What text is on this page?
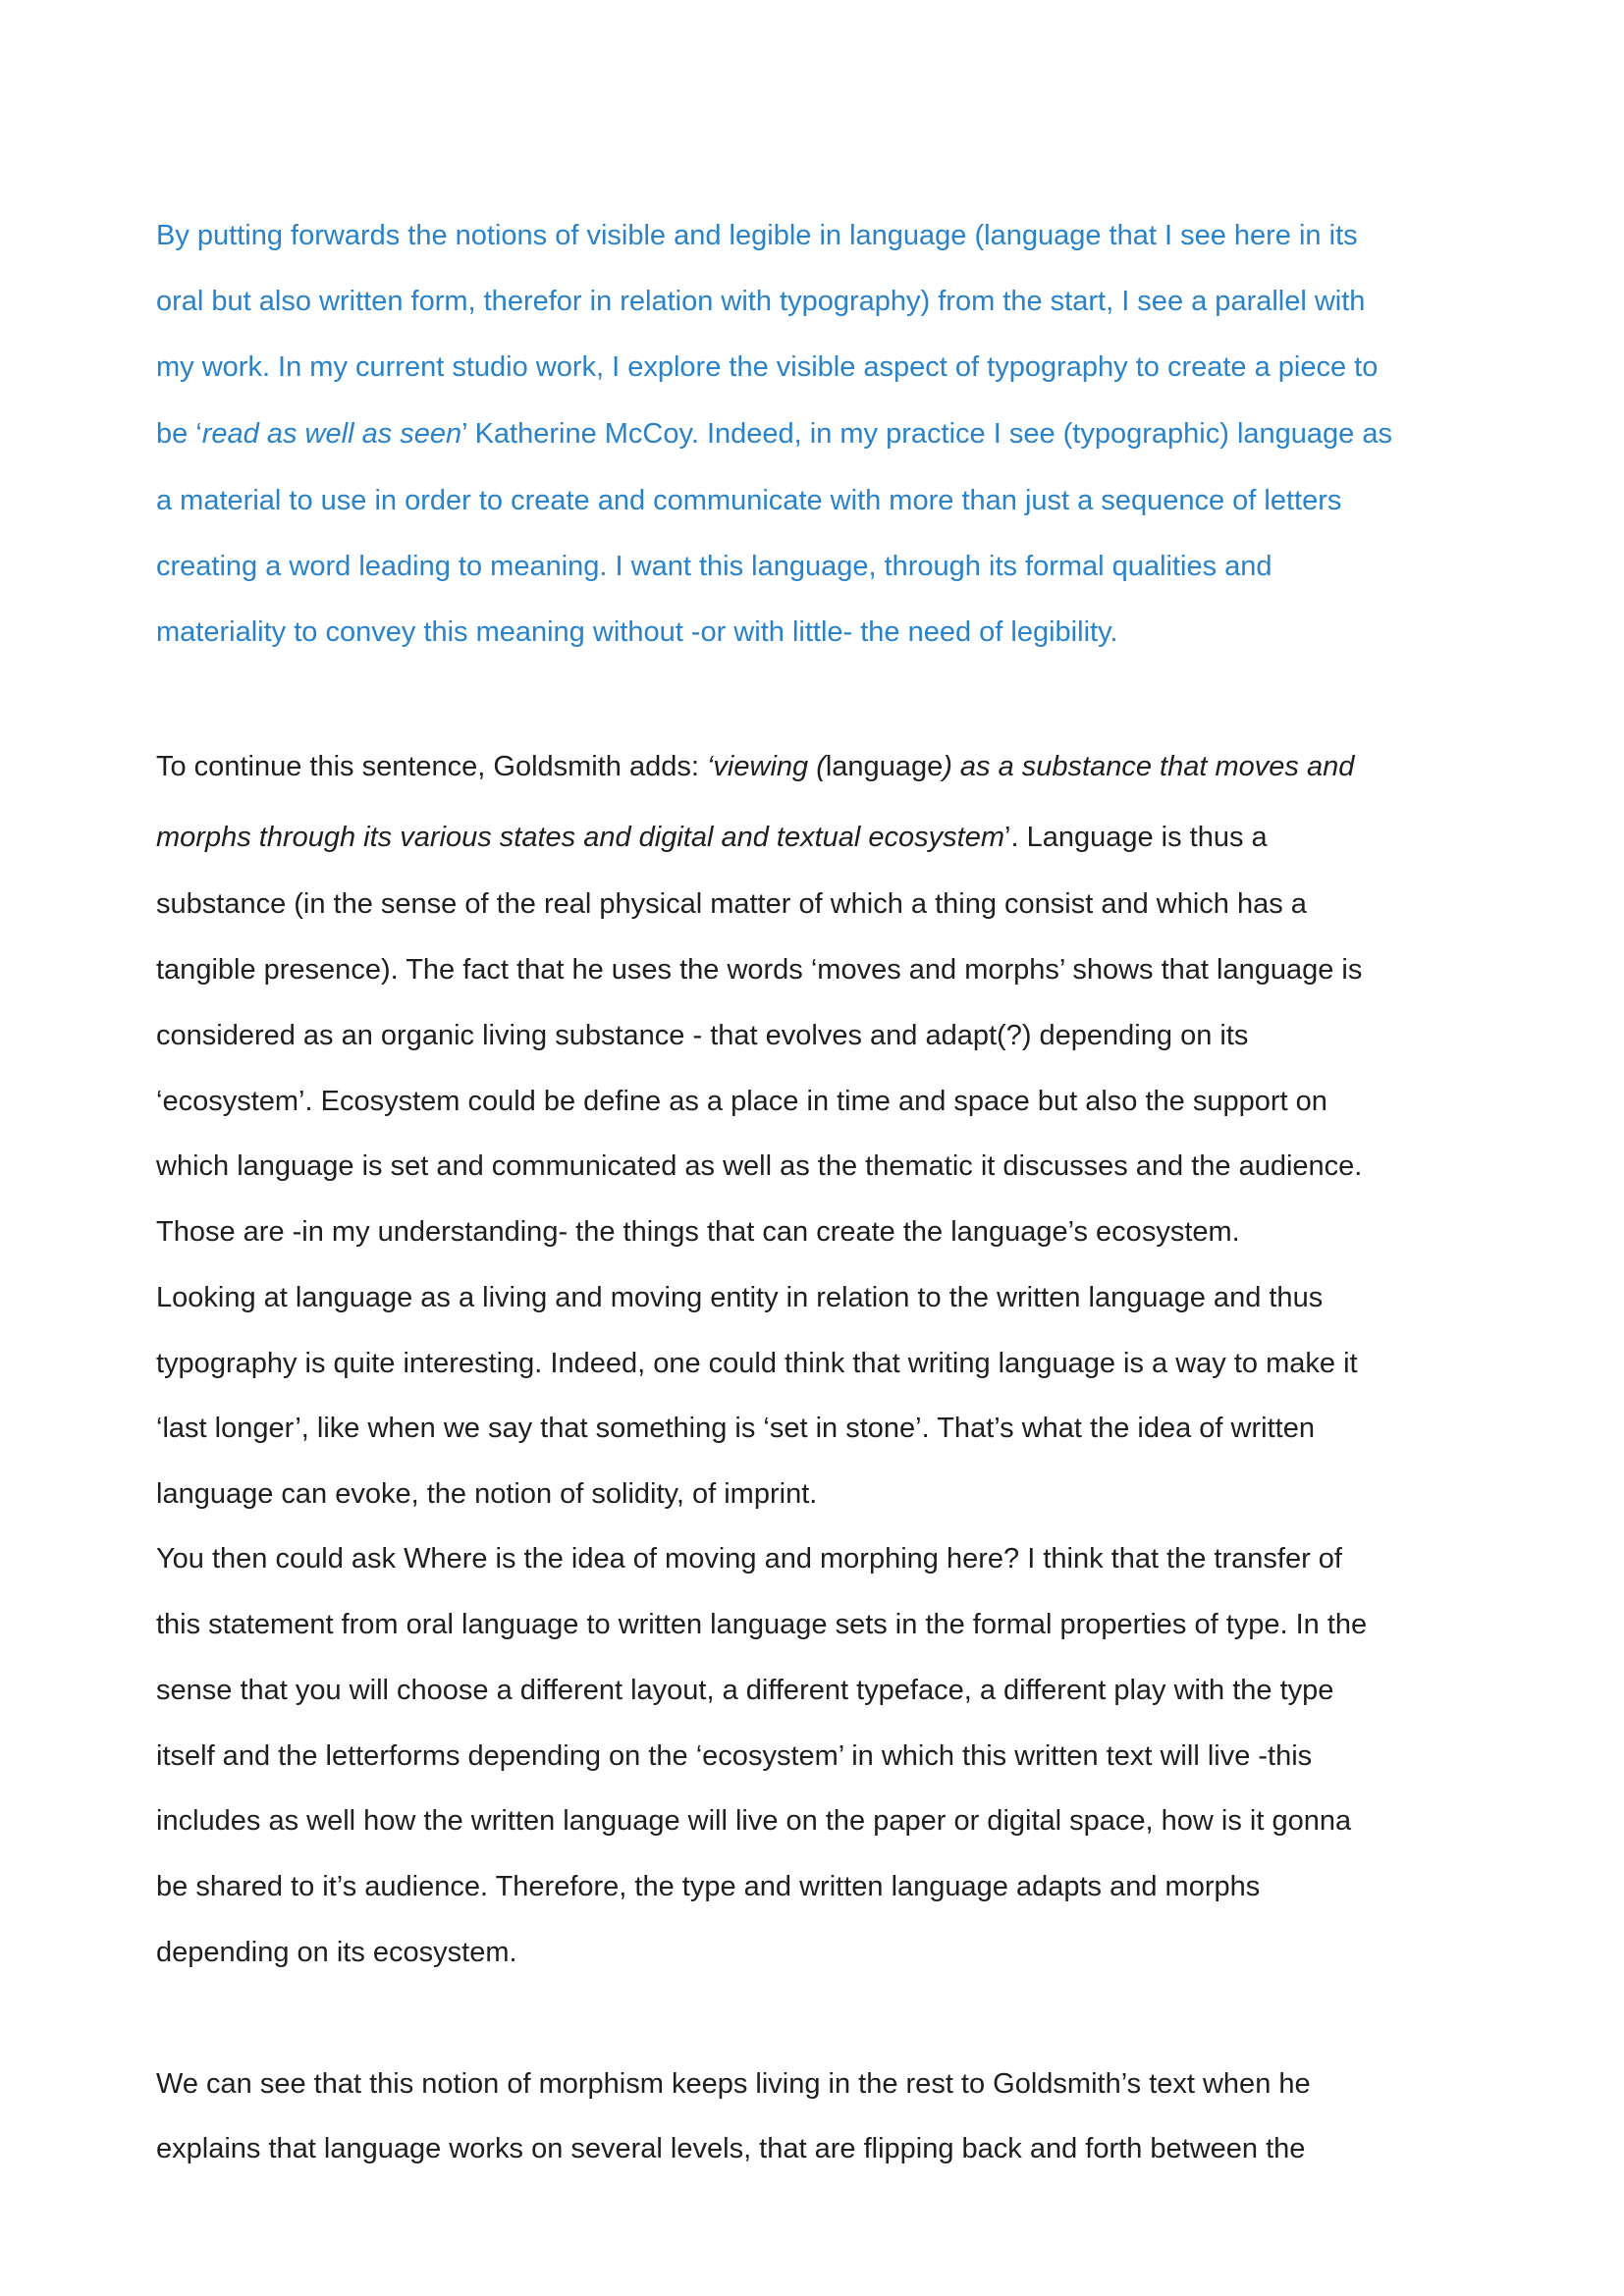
By putting forwards the notions of visible and legible in language (language that I see here in its
oral but also written form, therefor in relation with typography) from the start, I see a parallel with
my work. In my current studio work, I explore the visible aspect of typography to create a piece to
be ‘read as well as seen’ Katherine McCoy. Indeed, in my practice I see (typographic) language as
a material to use in order to create and communicate with more than just a sequence of letters
creating a word leading to meaning. I want this language, through its formal qualities and
materiality to convey this meaning without -or with little- the need of legibility.
To continue this sentence, Goldsmith adds: ‘viewing (language) as a substance that moves and
morphs through its various states and digital and textual ecosystem’. Language is thus a
substance (in the sense of the real physical matter of which a thing consist and which has a
tangible presence). The fact that he uses the words ‘moves and morphs’ shows that language is
considered as an organic living substance - that evolves and adapt(?) depending on its
‘ecosystem’. Ecosystem could be define as a place in time and space but also the support on
which language is set and communicated as well as the thematic it discusses and the audience.
Those are -in my understanding- the things that can create the language’s ecosystem.
Looking at language as a living and moving entity in relation to the written language and thus
typography is quite interesting. Indeed, one could think that writing language is a way to make it
‘last longer’, like when we say that something is ‘set in stone’. That’s what the idea of written
language can evoke, the notion of solidity, of imprint.
You then could ask Where is the idea of moving and morphing here? I think that the transfer of
this statement from oral language to written language sets in the formal properties of type. In the
sense that you will choose a different layout, a different typeface, a different play with the type
itself and the letterforms depending on the ‘ecosystem’ in which this written text will live -this
includes as well how the written language will live on the paper or digital space, how is it gonna
be shared to it’s audience. Therefore, the type and written language adapts and morphs
depending on its ecosystem.
We can see that this notion of morphism keeps living in the rest to Goldsmith’s text when he
explains that language works on several levels, that are flipping back and forth between the
